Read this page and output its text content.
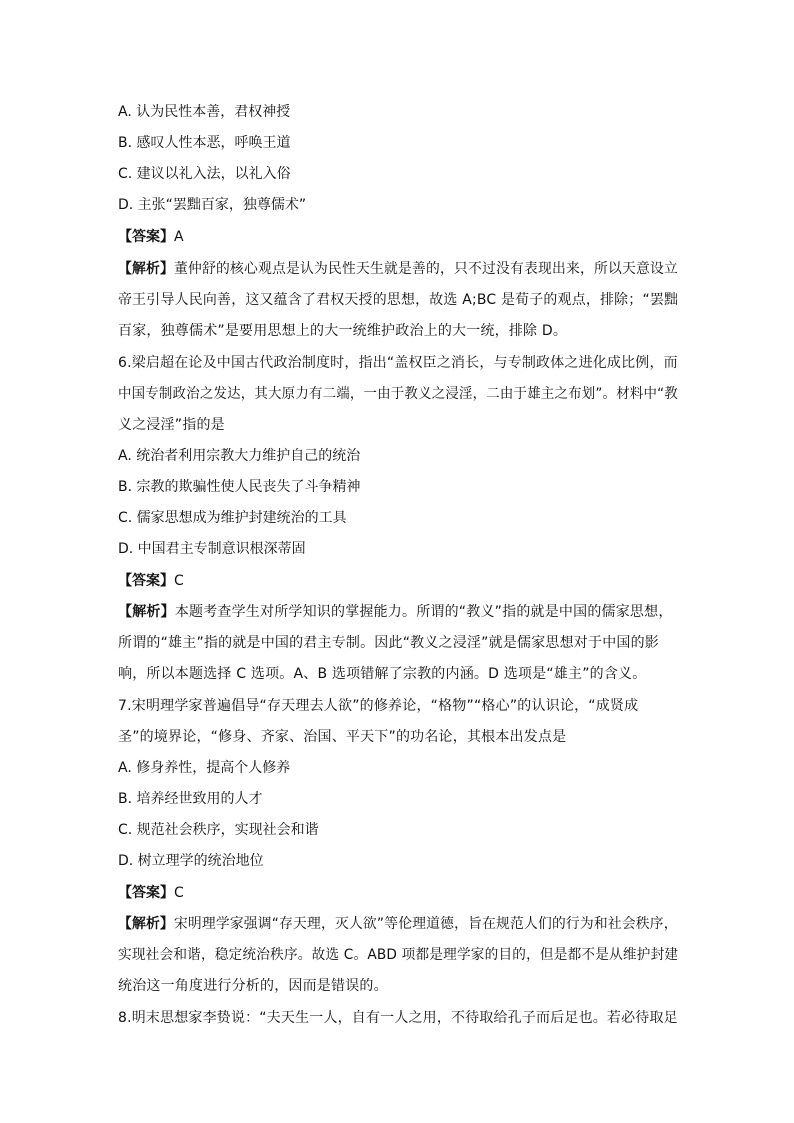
A. 认为民性本善，君权神授
B. 感叹人性本恶，呼唤王道
C. 建议以礼入法，以礼入俗
D. 主张“罢黜百家，独尊儒术”
【答案】A
【解析】董仲舒的核心观点是认为民性天生就是善的，只不过没有表现出来，所以天意设立
帝王引导人民向善，这又蕴含了君权天授的思想，故选 A;BC 是荀子的观点，排除；“罢黜
百家，独尊儒术”是要用思想上的大一统维护政治上的大一统，排除 D。
6.梁启超在论及中国古代政治制度时，指出“盖权臣之消长，与专制政体之进化成比例，而
中国专制政治之发达，其大原力有二端，一由于教义之浸淫，二由于雄主之布划”。材料中“教
义之浸淫”指的是
A. 统治者利用宗教大力维护自己的统治
B. 宗教的欺骗性使人民丧失了斗争精神
C. 儒家思想成为维护封建统治的工具
D. 中国君主专制意识根深蒂固
【答案】C
【解析】本题考查学生对所学知识的掌握能力。所谓的“教义”指的就是中国的儒家思想，
所谓的“雄主”指的就是中国的君主专制。因此“教义之浸淫”就是儒家思想对于中国的影
响，所以本题选择 C 选项。A、B 选项错解了宗教的内涵。D 选项是“雄主”的含义。
7.宋明理学家普遍倡导“存天理去人欲”的修养论，“格物”“格心”的认识论，“成贤成
圣”的境界论，“修身、齐家、治国、平天下”的功名论，其根本出发点是
A. 修身养性，提高个人修养
B. 培养经世致用的人才
C. 规范社会秩序，实现社会和谐
D. 树立理学的统治地位
【答案】C
【解析】宋明理学家强调“存天理，灭人欲”等伦理道德，旨在规范人们的行为和社会秩序，
实现社会和谐，稳定统治秩序。故选 C。ABD 项都是理学家的目的，但是都不是从维护封建
统治这一角度进行分析的，因而是错误的。
8.明末思想家李贽说：“夫天生一人，自有一人之用，不待取给孔子而后足也。若必待取足
